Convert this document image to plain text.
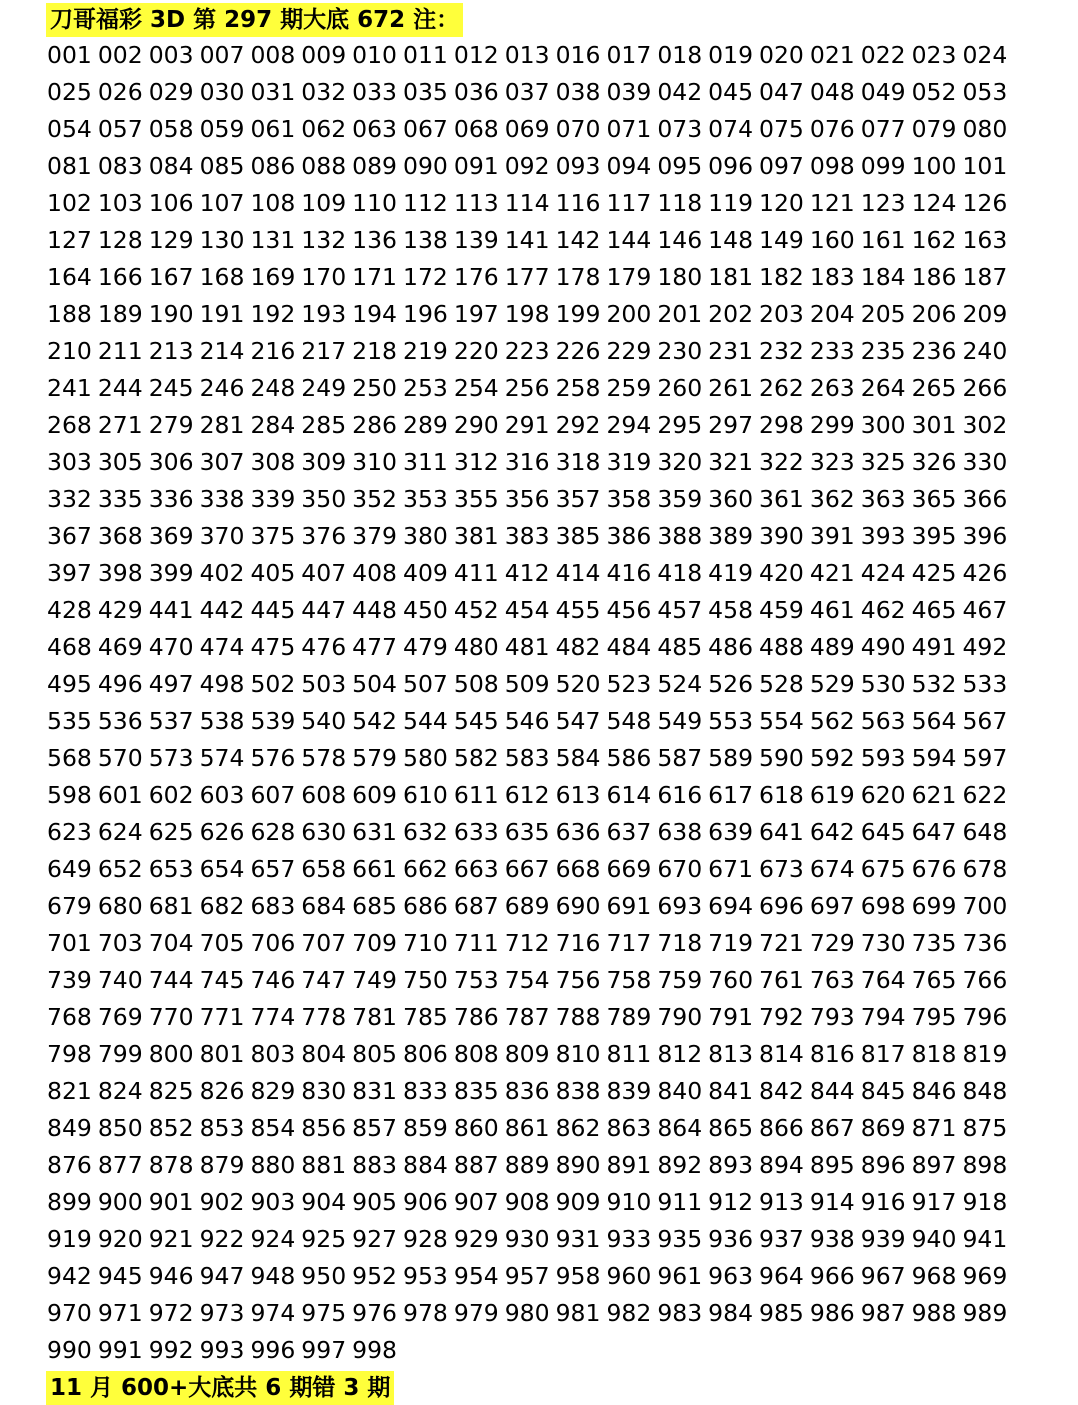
刀哥福彩 3D 第 297 期大底 672 注：
001 002 003 007 008 009 010 011 012 013 016 017 018 019 020 021 022 023 024
025 026 029 030 031 032 033 035 036 037 038 039 042 045 047 048 049 052 053
054 057 058 059 061 062 063 067 068 069 070 071 073 074 075 076 077 079 080
081 083 084 085 086 088 089 090 091 092 093 094 095 096 097 098 099 100 101
102 103 106 107 108 109 110 112 113 114 116 117 118 119 120 121 123 124 126
127 128 129 130 131 132 136 138 139 141 142 144 146 148 149 160 161 162 163
164 166 167 168 169 170 171 172 176 177 178 179 180 181 182 183 184 186 187
188 189 190 191 192 193 194 196 197 198 199 200 201 202 203 204 205 206 209
210 211 213 214 216 217 218 219 220 223 226 229 230 231 232 233 235 236 240
241 244 245 246 248 249 250 253 254 256 258 259 260 261 262 263 264 265 266
268 271 279 281 284 285 286 289 290 291 292 294 295 297 298 299 300 301 302
303 305 306 307 308 309 310 311 312 316 318 319 320 321 322 323 325 326 330
332 335 336 338 339 350 352 353 355 356 357 358 359 360 361 362 363 365 366
367 368 369 370 375 376 379 380 381 383 385 386 388 389 390 391 393 395 396
397 398 399 402 405 407 408 409 411 412 414 416 418 419 420 421 424 425 426
428 429 441 442 445 447 448 450 452 454 455 456 457 458 459 461 462 465 467
468 469 470 474 475 476 477 479 480 481 482 484 485 486 488 489 490 491 492
495 496 497 498 502 503 504 507 508 509 520 523 524 526 528 529 530 532 533
535 536 537 538 539 540 542 544 545 546 547 548 549 553 554 562 563 564 567
568 570 573 574 576 578 579 580 582 583 584 586 587 589 590 592 593 594 597
598 601 602 603 607 608 609 610 611 612 613 614 616 617 618 619 620 621 622
623 624 625 626 628 630 631 632 633 635 636 637 638 639 641 642 645 647 648
649 652 653 654 657 658 661 662 663 667 668 669 670 671 673 674 675 676 678
679 680 681 682 683 684 685 686 687 689 690 691 693 694 696 697 698 699 700
701 703 704 705 706 707 709 710 711 712 716 717 718 719 721 729 730 735 736
739 740 744 745 746 747 749 750 753 754 756 758 759 760 761 763 764 765 766
768 769 770 771 774 778 781 785 786 787 788 789 790 791 792 793 794 795 796
798 799 800 801 803 804 805 806 808 809 810 811 812 813 814 816 817 818 819
821 824 825 826 829 830 831 833 835 836 838 839 840 841 842 844 845 846 848
849 850 852 853 854 856 857 859 860 861 862 863 864 865 866 867 869 871 875
876 877 878 879 880 881 883 884 887 889 890 891 892 893 894 895 896 897 898
899 900 901 902 903 904 905 906 907 908 909 910 911 912 913 914 916 917 918
919 920 921 922 924 925 927 928 929 930 931 933 935 936 937 938 939 940 941
942 945 946 947 948 950 952 953 954 957 958 960 961 963 964 966 967 968 969
970 971 972 973 974 975 976 978 979 980 981 982 983 984 985 986 987 988 989
990 991 992 993 996 997 998
11 月 600+大底共 6 期错 3 期
